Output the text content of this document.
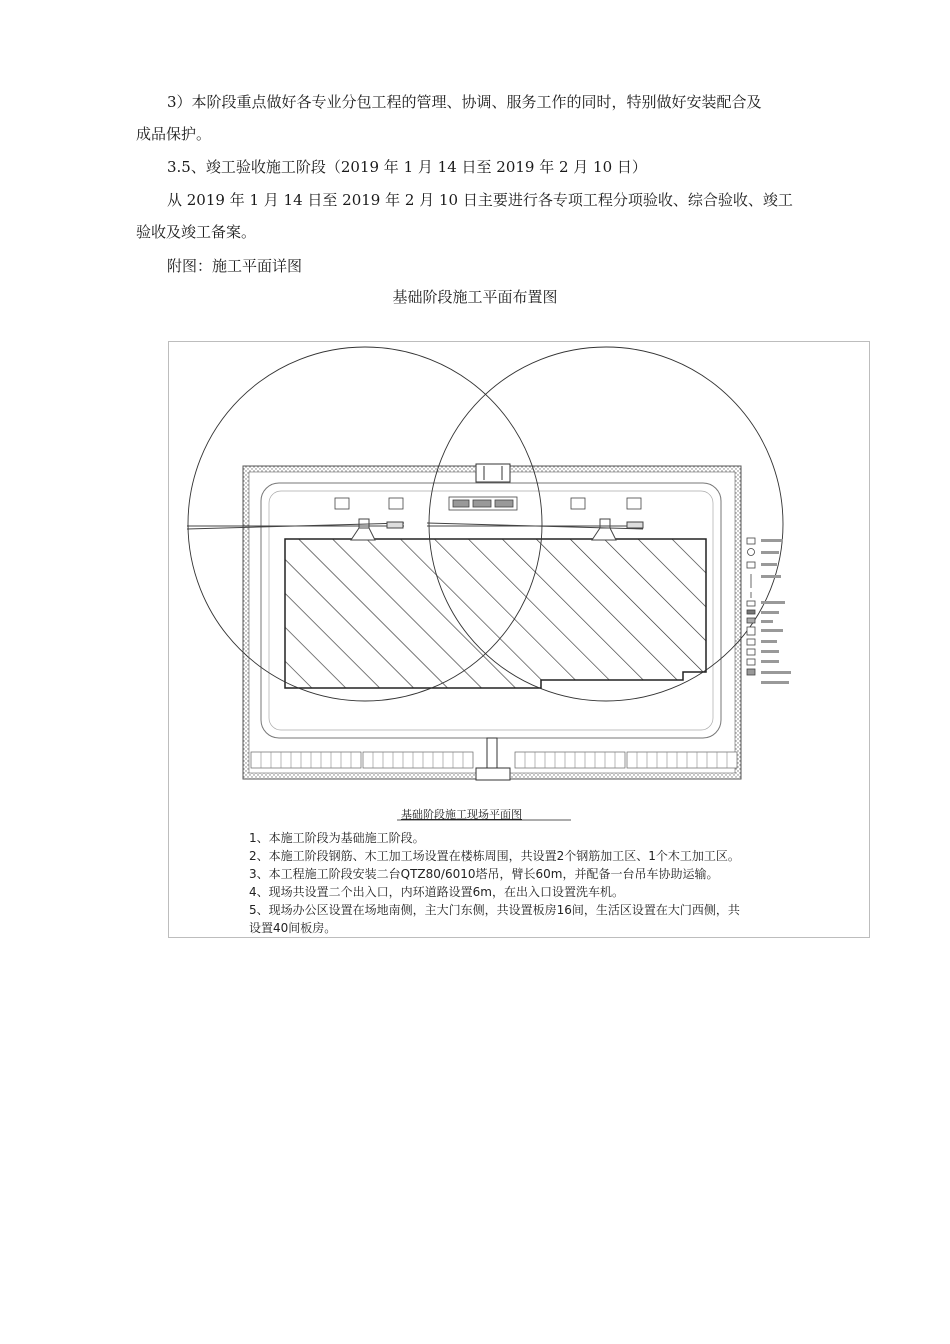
3）本阶段重点做好各专业分包工程的管理、协调、服务工作的同时，特别做好安装配合及

成品保护。

3.5、竣工验收施工阶段（2019 年 1 月 14 日至 2019 年 2 月 10 日）

从 2019 年 1 月 14 日至 2019 年 2 月 10 日主要进行各专项工程分项验收、综合验收、竣工

验收及竣工备案。

附图：施工平面详图

基础阶段施工平面布置图
基础阶段施工现场平面图
1、本施工阶段为基础施工阶段。
2、本施工阶段钢筋、木工加工场设置在楼栋周围，共设置2个钢筋加工区、1个木工加工区。
3、本工程施工阶段安装二台QTZ80/6010塔吊，臂长60m，并配备一台吊车协助运输。
4、现场共设置二个出入口，内环道路设置6m，在出入口设置洗车机。
5、现场办公区设置在场地南侧，主大门东侧，共设置板房16间，生活区设置在大门西侧，共
设置40间板房。
